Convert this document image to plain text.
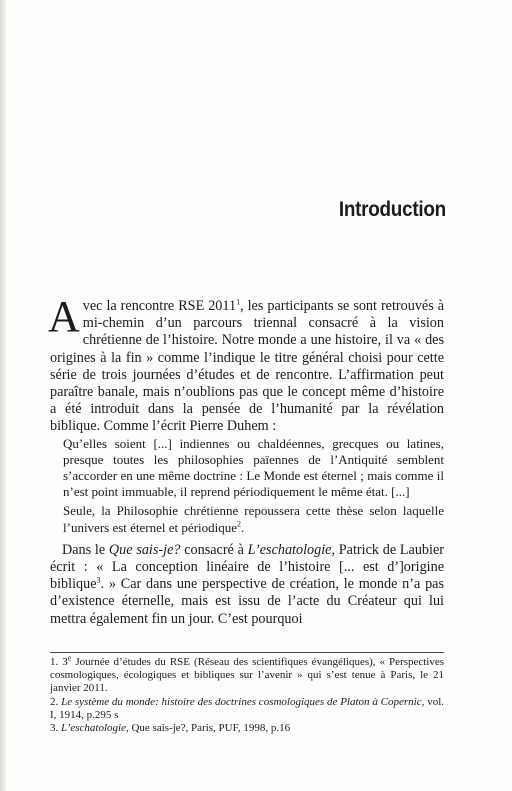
Introduction

Avec la rencontre RSE 2011$^1$, les participants se sont retrouvés à mi-chemin d’un parcours triennal consacré à la vision chrétienne de l’histoire. Notre monde a une histoire, il va « des origines à la fin » comme l’indique le titre général choisi pour cette série de trois journées d’études et de rencontre. L’affirmation peut paraître banale, mais n’oublions pas que le concept même d’histoire a été introduit dans la pensée de l’humanité par la révélation biblique. Comme l’écrit Pierre Duhem :

Qu’elles soient [...] indiennes ou chaldéennes, grecques ou latines, presque toutes les philosophies païennes de l’Antiquité semblent s’accorder en une même doctrine : Le Monde est éternel ; mais comme il n’est point immuable, il reprend périodiquement le même état. [...]

Seule, la Philosophie chrétienne repoussera cette thèse selon laquelle l’univers est éternel et périodique$^2$.

Dans le Que sais-je? consacré à L’eschatologie, Patrick de Laubier écrit : « La conception linéaire de l’histoire [... est d’]origine biblique$^3$. » Car dans une perspective de création, le monde n’a pas d’existence éternelle, mais est issu de l’acte du Créateur qui lui mettra également fin un jour. C’est pourquoi

1. 3e Journée d’études du RSE (Réseau des scientifiques évangéliques), « Perspectives cosmologiques, écologiques et bibliques sur l’avenir » qui s’est tenue à Paris, le 21 janvier 2011.

2. Le système du monde: histoire des doctrines cosmologiques de Platon à Copernic, vol. I, 1914, p.295 s

3. L’eschatologie, Que sais-je?, Paris, PUF, 1998, p.16
